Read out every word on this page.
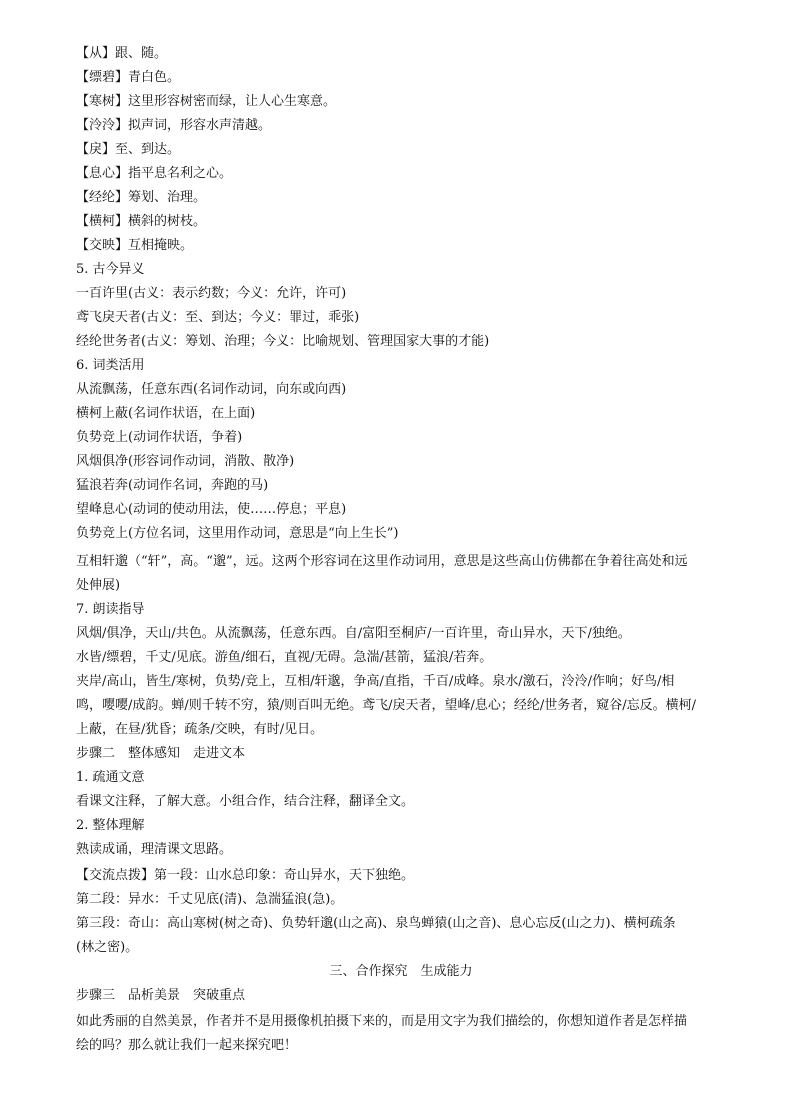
【从】跟、随。
【缥碧】青白色。
【寒树】这里形容树密而绿，让人心生寒意。
【泠泠】拟声词，形容水声清越。
【戾】至、到达。
【息心】指平息名利之心。
【经纶】筹划、治理。
【横柯】横斜的树枝。
【交映】互相掩映。
5. 古今异义
一百许里(古义：表示约数；今义：允许，许可)
鸢飞戾天者(古义：至、到达；今义：罪过，乖张)
经纶世务者(古义：筹划、治理；今义：比喻规划、管理国家大事的才能)
6. 词类活用
从流飘荡，任意东西(名词作动词，向东或向西)
横柯上蔽(名词作状语，在上面)
负势竞上(动词作状语，争着)
风烟俱净(形容词作动词，消散、散净)
猛浪若奔(动词作名词，奔跑的马)
望峰息心(动词的使动用法，使……停息；平息)
负势竞上(方位名词，这里用作动词，意思是“向上生长”)
互相轩邈（“轩”，高。“邈”，远。这两个形容词在这里作动词用，意思是这些高山仿佛都在争着往高处和远
处伸展)
7. 朗读指导
风烟/俱净，天山/共色。从流飘荡，任意东西。自/富阳至桐庐/一百许里，奇山异水，天下/独绝。
水皆/缥碧，千丈/见底。游鱼/细石，直视/无碍。急湍/甚箭，猛浪/若奔。
夹岸/高山，皆生/寒树，负势/竞上，互相/轩邈，争高/直指，千百/成峰。泉水/激石，泠泠/作响；好鸟/相
鸣，嘤嘤/成韵。蝉/则千转不穷，猿/则百叫无绝。鸢飞/戾天者，望峰/息心；经纶/世务者，窥谷/忘反。横柯/
上蔽，在昼/犹昏；疏条/交映，有时/见日。
步骤二　整体感知　走进文本
1. 疏通文意
看课文注释，了解大意。小组合作，结合注释，翻译全文。
2. 整体理解
熟读成诵，理清课文思路。
【交流点拨】第一段：山水总印象：奇山异水，天下独绝。
第二段：异水：千丈见底(清)、急湍猛浪(急)。
第三段：奇山：高山寒树(树之奇)、负势轩邈(山之高)、泉鸟蝉猿(山之音)、息心忘反(山之力)、横柯疏条
(林之密)。
三、合作探究　生成能力
步骤三　品析美景　突破重点
如此秀丽的自然美景，作者并不是用摄像机拍摄下来的，而是用文字为我们描绘的，你想知道作者是怎样描
绘的吗？那么就让我们一起来探究吧！
